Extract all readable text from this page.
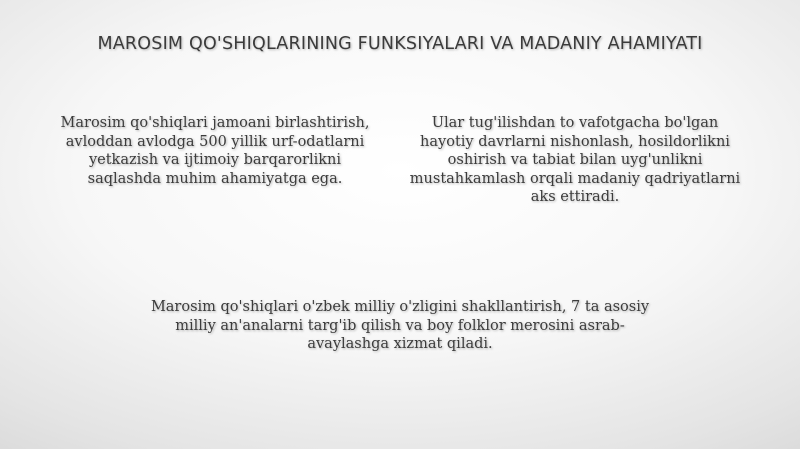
MAROSIM QO'SHIQLARINING FUNKSIYALARI VA MADANIY AHAMIYATI
Marosim qo'shiqlari jamoani birlashtirish, avloddan avlodga 500 yillik urf-odatlarni yetkazish va ijtimoiy barqarorlikni saqlashda muhim ahamiyatga ega.
Ular tug'ilishdan to vafotgacha bo'lgan hayotiy davrlarni nishonlash, hosildorlikni oshirish va tabiat bilan uyg'unlikni mustahkamlash orqali madaniy qadriyatlarni aks ettiradi.
Marosim qo'shiqlari o'zbek milliy o'zligini shakllantirish, 7 ta asosiy milliy an'analarni targ'ib qilish va boy folklor merosini asrab-avaylashga xizmat qiladi.
